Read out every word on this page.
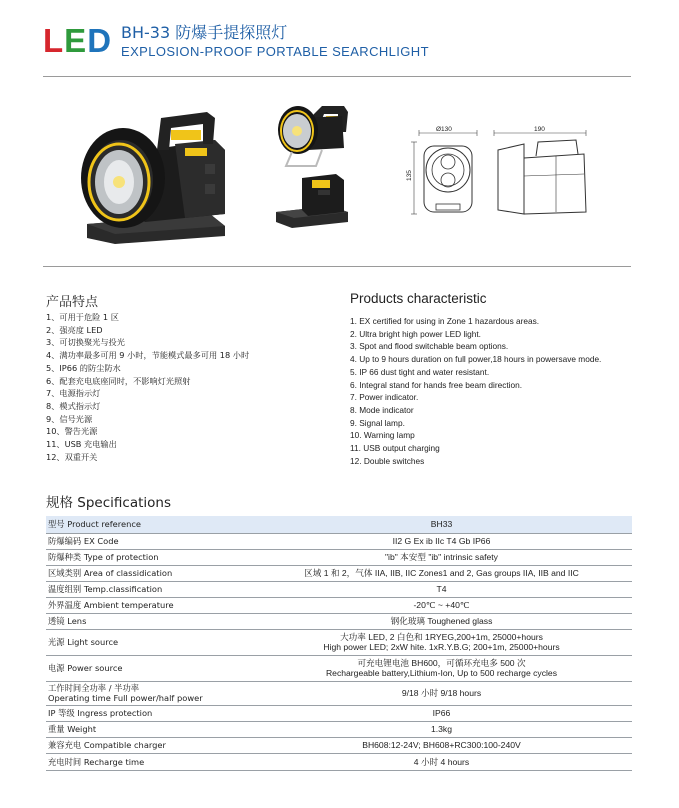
L E D BH-33 防爆手提探照灯
EXPLOSION-PROOF PORTABLE SEARCHLIGHT
Ø130
135
190
产品特点
1、可用于危险 1 区
2、强亮度 LED
3、可切换聚光与投光
4、满功率最多可用 9 小时，节能模式最多可用 18 小时
5、IP66 的防尘防水
6、配套充电底座同时，不影响灯光照射
7、电源指示灯
8、模式指示灯
9、信号光源
10、警告光源
11、USB 充电输出
12、双重开关
Products characteristic
1. EX certified for using in Zone 1 hazardous areas.
2. Ultra bright high power LED light.
3. Spot and flood switchable beam options.
4. Up to 9 hours duration on full power,18 hours in powersave mode.
5. IP 66 dust tight and water resistant.
6. Integral stand for hands free beam direction.
7. Power indicator.
8. Mode indicator
9. Signal lamp.
10. Warning lamp
11. USB output charging
12. Double switches
规格 Specifications
型号 Product reference	BH33
防爆编码 EX Code	II2 G Ex ib IIc T4 Gb IP66
防爆种类 Type of protection	"ib" 本安型 "ib" intrinsic safety
区域类别 Area of classidication	区域 1 和 2，气体 IIA, IIB, IIC Zones1 and 2, Gas groups IIA, IIB and IIC
温度组别 Temp.classification	T4
外界温度 Ambient temperature	-20℃ ~ +40℃
透镜 Lens	钢化玻璃 Toughened glass
光源 Light source	大功率 LED, 2 白色和 1RYEG,200+1m, 25000+hours
High power LED; 2xW hite. 1xR.Y.B.G; 200+1m, 25000+hours

电源 Power source	可充电锂电池 BH600，可循环充电多 500 次
Rechargeable battery,Lithium-Ion, Up to 500 recharge cycles

工作时间全功率 / 半功率
Operating time Full power/half power	9/18 小时 9/18 hours
IP 等级 Ingress protection	IP66
重量 Weight	1.3kg
兼容充电 Compatible charger	BH608:12-24V; BH608+RC300:100-240V
充电时间 Recharge time	4 小时 4 hours
